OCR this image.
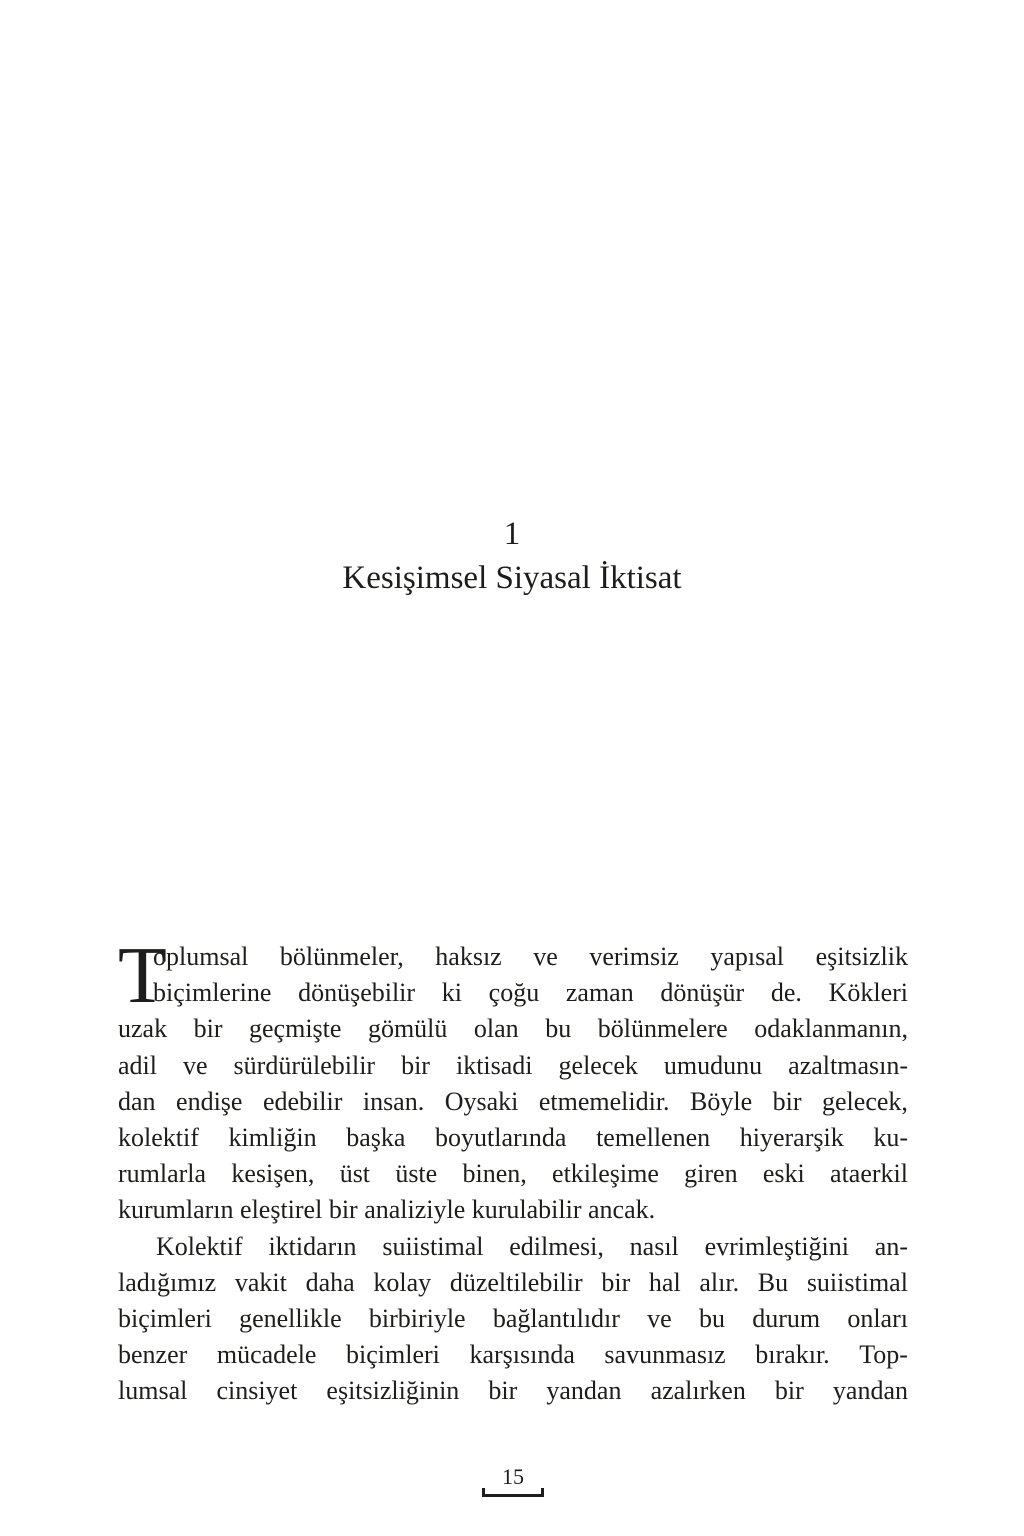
1
Kesişimsel Siyasal İktisat
T
oplumsal bölünmeler, haksız ve verimsiz yapısal eşitsizlik
biçimlerine dönüşebilir ki çoğu zaman dönüşür de. Kökleri
uzak bir geçmişte gömülü olan bu bölünmelere odaklanmanın,
adil ve sürdürülebilir bir iktisadi gelecek umudunu azaltmasın-
dan endişe edebilir insan. Oysaki etmemelidir. Böyle bir gelecek,
kolektif kimliğin başka boyutlarında temellenen hiyerarşik ku-
rumlarla kesişen, üst üste binen, etkileşime giren eski ataerkil
kurumların eleştirel bir analiziyle kurulabilir ancak.
Kolektif iktidarın suiistimal edilmesi, nasıl evrimleştiğini an-
ladığımız vakit daha kolay düzeltilebilir bir hal alır. Bu suiistimal
biçimleri genellikle birbiriyle bağlantılıdır ve bu durum onları
benzer mücadele biçimleri karşısında savunmasız bırakır. Top-
lumsal cinsiyet eşitsizliğinin bir yandan azalırken bir yandan
15
